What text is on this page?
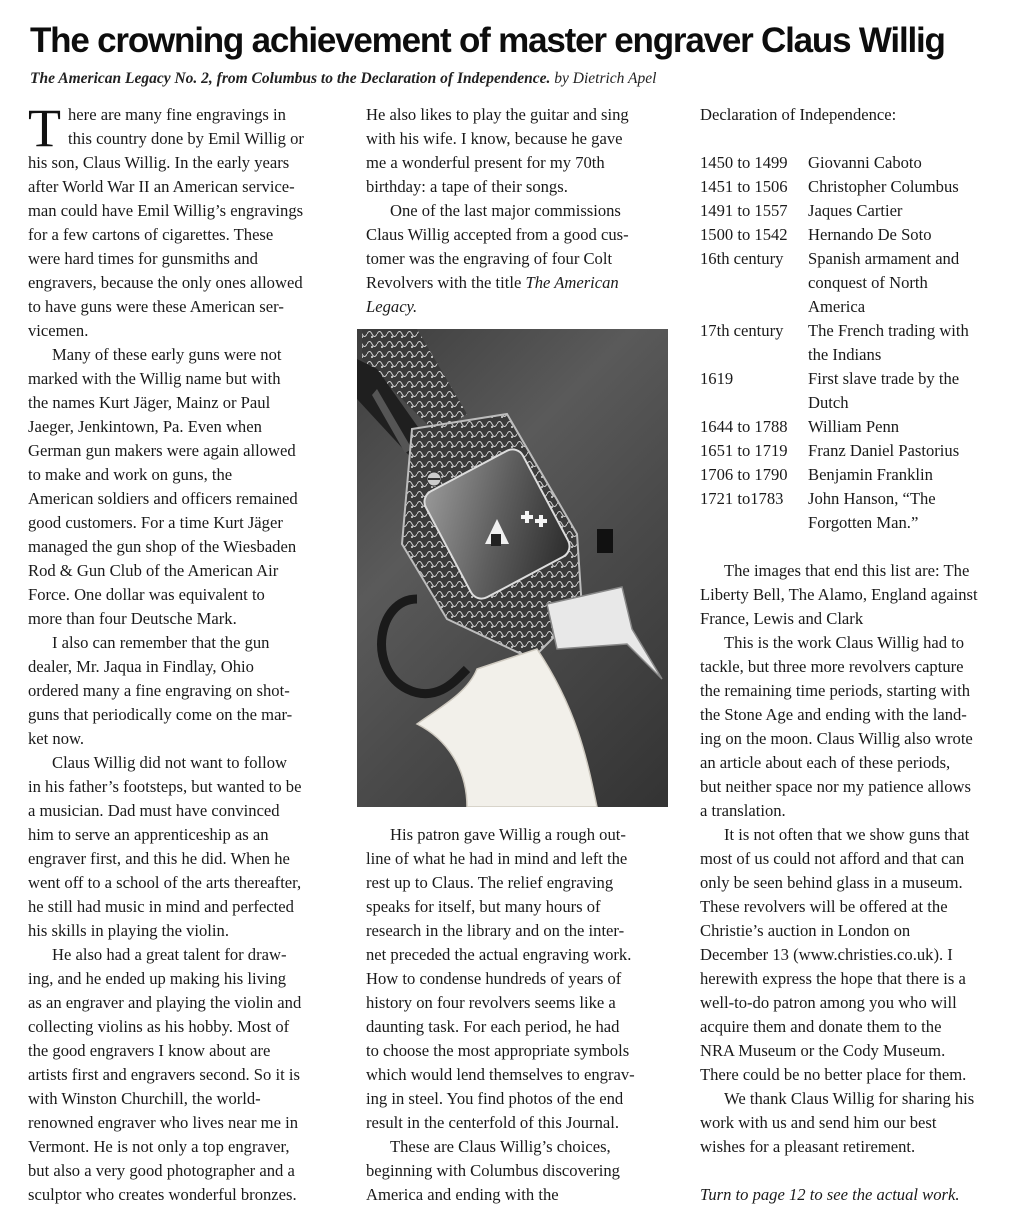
The crowning achievement of master engraver Claus Willig
The American Legacy No. 2, from Columbus to the Declaration of Independence. by Dietrich Apel
T here are many fine engravings in
this country done by Emil Willig or
his son, Claus Willig. In the early years
after World War II an American service-
man could have Emil Willig’s engravings
for a few cartons of cigarettes. These
were hard times for gunsmiths and
engravers, because the only ones allowed
to have guns were these American ser-
vicemen.
Many of these early guns were not
marked with the Willig name but with
the names Kurt Jäger, Mainz or Paul
Jaeger, Jenkintown, Pa. Even when
German gun makers were again allowed
to make and work on guns, the
American soldiers and officers remained
good customers. For a time Kurt Jäger
managed the gun shop of the Wiesbaden
Rod & Gun Club of the American Air
Force. One dollar was equivalent to
more than four Deutsche Mark.
I also can remember that the gun
dealer, Mr. Jaqua in Findlay, Ohio
ordered many a fine engraving on shot-
guns that periodically come on the mar-
ket now.
Claus Willig did not want to follow
in his father’s footsteps, but wanted to be
a musician. Dad must have convinced
him to serve an apprenticeship as an
engraver first, and this he did. When he
went off to a school of the arts thereafter,
he still had music in mind and perfected
his skills in playing the violin.
He also had a great talent for draw-
ing, and he ended up making his living
as an engraver and playing the violin and
collecting violins as his hobby. Most of
the good engravers I know about are
artists first and engravers second. So it is
with Winston Churchill, the world-
renowned engraver who lives near me in
Vermont. He is not only a top engraver,
but also a very good photographer and a
sculptor who creates wonderful bronzes.
He also likes to play the guitar and sing
with his wife. I know, because he gave
me a wonderful present for my 70th
birthday: a tape of their songs.
One of the last major commissions
Claus Willig accepted from a good cus-
tomer was the engraving of four Colt
Revolvers with the title The American
Legacy.
His patron gave Willig a rough out-
line of what he had in mind and left the
rest up to Claus. The relief engraving
speaks for itself, but many hours of
research in the library and on the inter-
net preceded the actual engraving work.
How to condense hundreds of years of
history on four revolvers seems like a
daunting task. For each period, he had
to choose the most appropriate symbols
which would lend themselves to engrav-
ing in steel. You find photos of the end
result in the centerfold of this Journal.
These are Claus Willig’s choices,
beginning with Columbus discovering
America and ending with the
Declaration of Independence:
1450 to 1499	Giovanni Caboto
1451 to 1506	Christopher Columbus
1491 to 1557	Jaques Cartier
1500 to 1542	Hernando De Soto
16th century	Spanish armament and
conquest of North
America
17th century	The French trading with
the Indians
1619	First slave trade by the
Dutch
1644 to 1788	William Penn
1651 to 1719	Franz Daniel Pastorius
1706 to 1790	Benjamin Franklin
1721 to1783	John Hanson, “The
Forgotten Man.”
The images that end this list are: The
Liberty Bell, The Alamo, England against
France, Lewis and Clark
This is the work Claus Willig had to
tackle, but three more revolvers capture
the remaining time periods, starting with
the Stone Age and ending with the land-
ing on the moon. Claus Willig also wrote
an article about each of these periods,
but neither space nor my patience allows
a translation.
It is not often that we show guns that
most of us could not afford and that can
only be seen behind glass in a museum.
These revolvers will be offered at the
Christie’s auction in London on
December 13 (www.christies.co.uk). I
herewith express the hope that there is a
well-to-do patron among you who will
acquire them and donate them to the
NRA Museum or the Cody Museum.
There could be no better place for them.
We thank Claus Willig for sharing his
work with us and send him our best
wishes for a pleasant retirement.
Turn to page 12 to see the actual work.
